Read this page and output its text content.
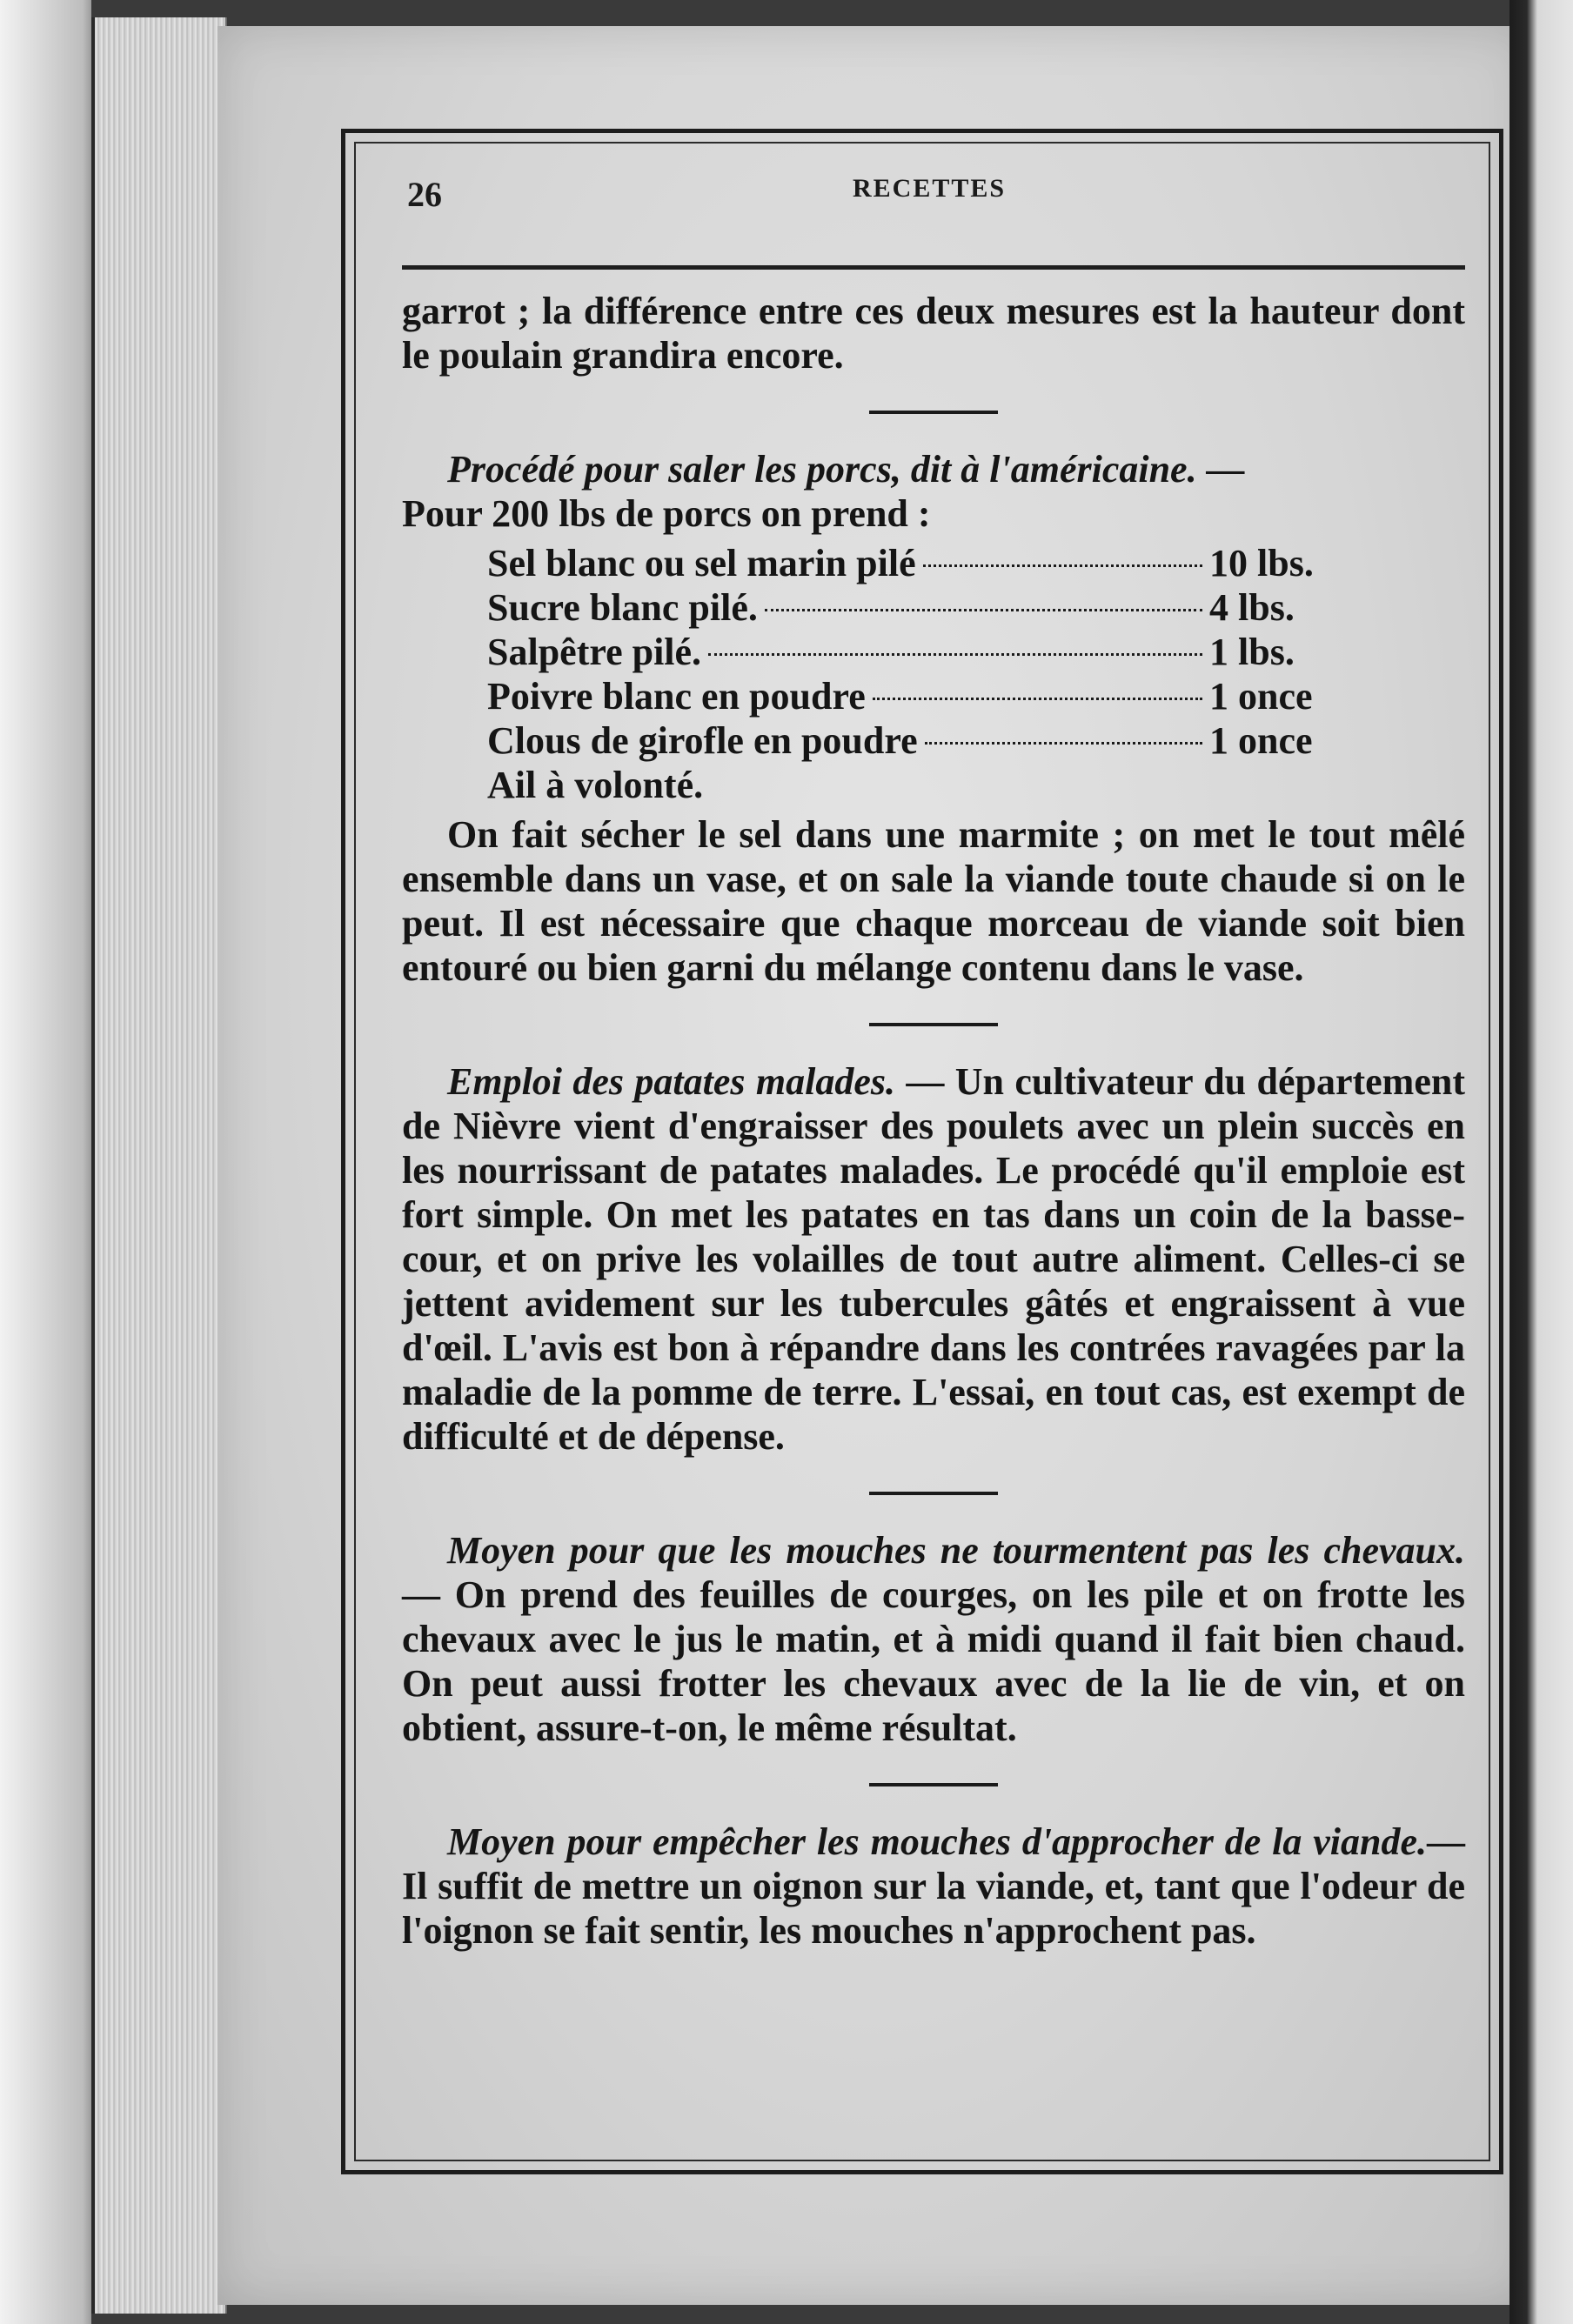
26	RECETTES

garrot ; la différence entre ces deux mesures est la hauteur dont le poulain grandira encore.

Procédé pour saler les porcs, dit à l'américaine. —

Pour 200 lbs de porcs on prend :

Sel blanc ou sel marin pilé	10 lbs.
Sucre blanc pilé.	4 lbs.
Salpêtre pilé.	1 lbs.
Poivre blanc en poudre	1 once
Clous de girofle en poudre	1 once
Ail à volonté.

On fait sécher le sel dans une marmite ; on met le tout mêlé ensemble dans un vase, et on sale la viande toute chaude si on le peut. Il est nécessaire que chaque morceau de viande soit bien entouré ou bien garni du mélange contenu dans le vase.

Emploi des patates malades. — Un cultivateur du département de Nièvre vient d'engraisser des poulets avec un plein succès en les nourrissant de patates malades. Le procédé qu'il emploie est fort simple. On met les patates en tas dans un coin de la basse-cour, et on prive les volailles de tout autre aliment. Celles-ci se jettent avidement sur les tubercules gâtés et engraissent à vue d'œil. L'avis est bon à répandre dans les contrées ravagées par la maladie de la pomme de terre. L'essai, en tout cas, est exempt de difficulté et de dépense.

Moyen pour que les mouches ne tourmentent pas les chevaux. — On prend des feuilles de courges, on les pile et on frotte les chevaux avec le jus le matin, et à midi quand il fait bien chaud. On peut aussi frotter les chevaux avec de la lie de vin, et on obtient, assure-t-on, le même résultat.

Moyen pour empêcher les mouches d'approcher de la viande.—Il suffit de mettre un oignon sur la viande, et, tant que l'odeur de l'oignon se fait sentir, les mouches n'approchent pas.
